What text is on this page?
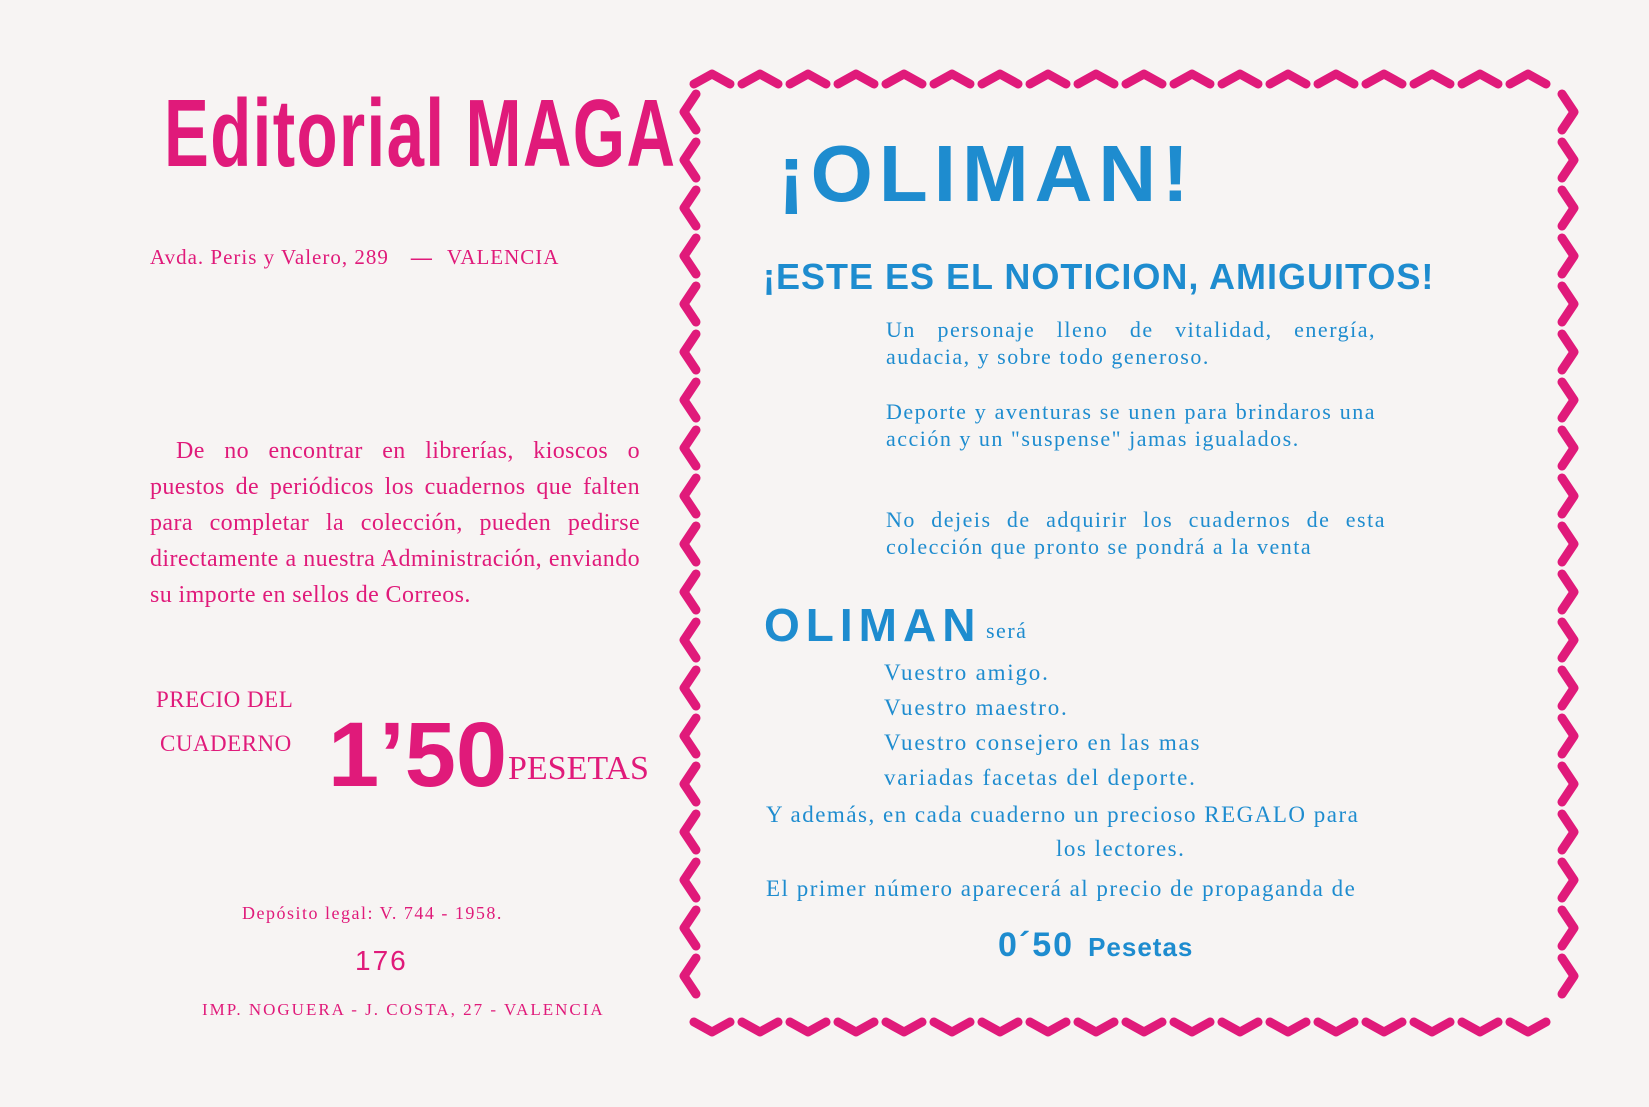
Editorial MAGA
Avda. Peris y Valero, 289 — VALENCIA
De no encontrar en librerías, kioscos o puestos de periódicos los cuadernos que falten para completar la colección, pueden pedirse directamente a nuestra Administración, enviando su importe en sellos de Correos.
PRECIO DEL
CUADERNO 1’50 PESETAS
Depósito legal: V. 744 - 1958.
176
IMP. NOGUERA - J. COSTA, 27 - VALENCIA
¡OLIMAN!
¡ESTE ES EL NOTICION, AMIGUITOS!
Un personaje lleno de vitalidad, energía, audacia, y sobre todo generoso.
Deporte y aventuras se unen para brindaros una acción y un "suspense" jamas igualados.
No dejeis de adquirir los cuadernos de esta colección que pronto se pondrá a la venta
OLIMAN será
Vuestro amigo.
Vuestro maestro.
Vuestro consejero en las mas
variadas facetas del deporte.
Y además, en cada cuaderno un precioso REGALO para
los lectores.
El primer número aparecerá al precio de propaganda de
0´50 Pesetas
